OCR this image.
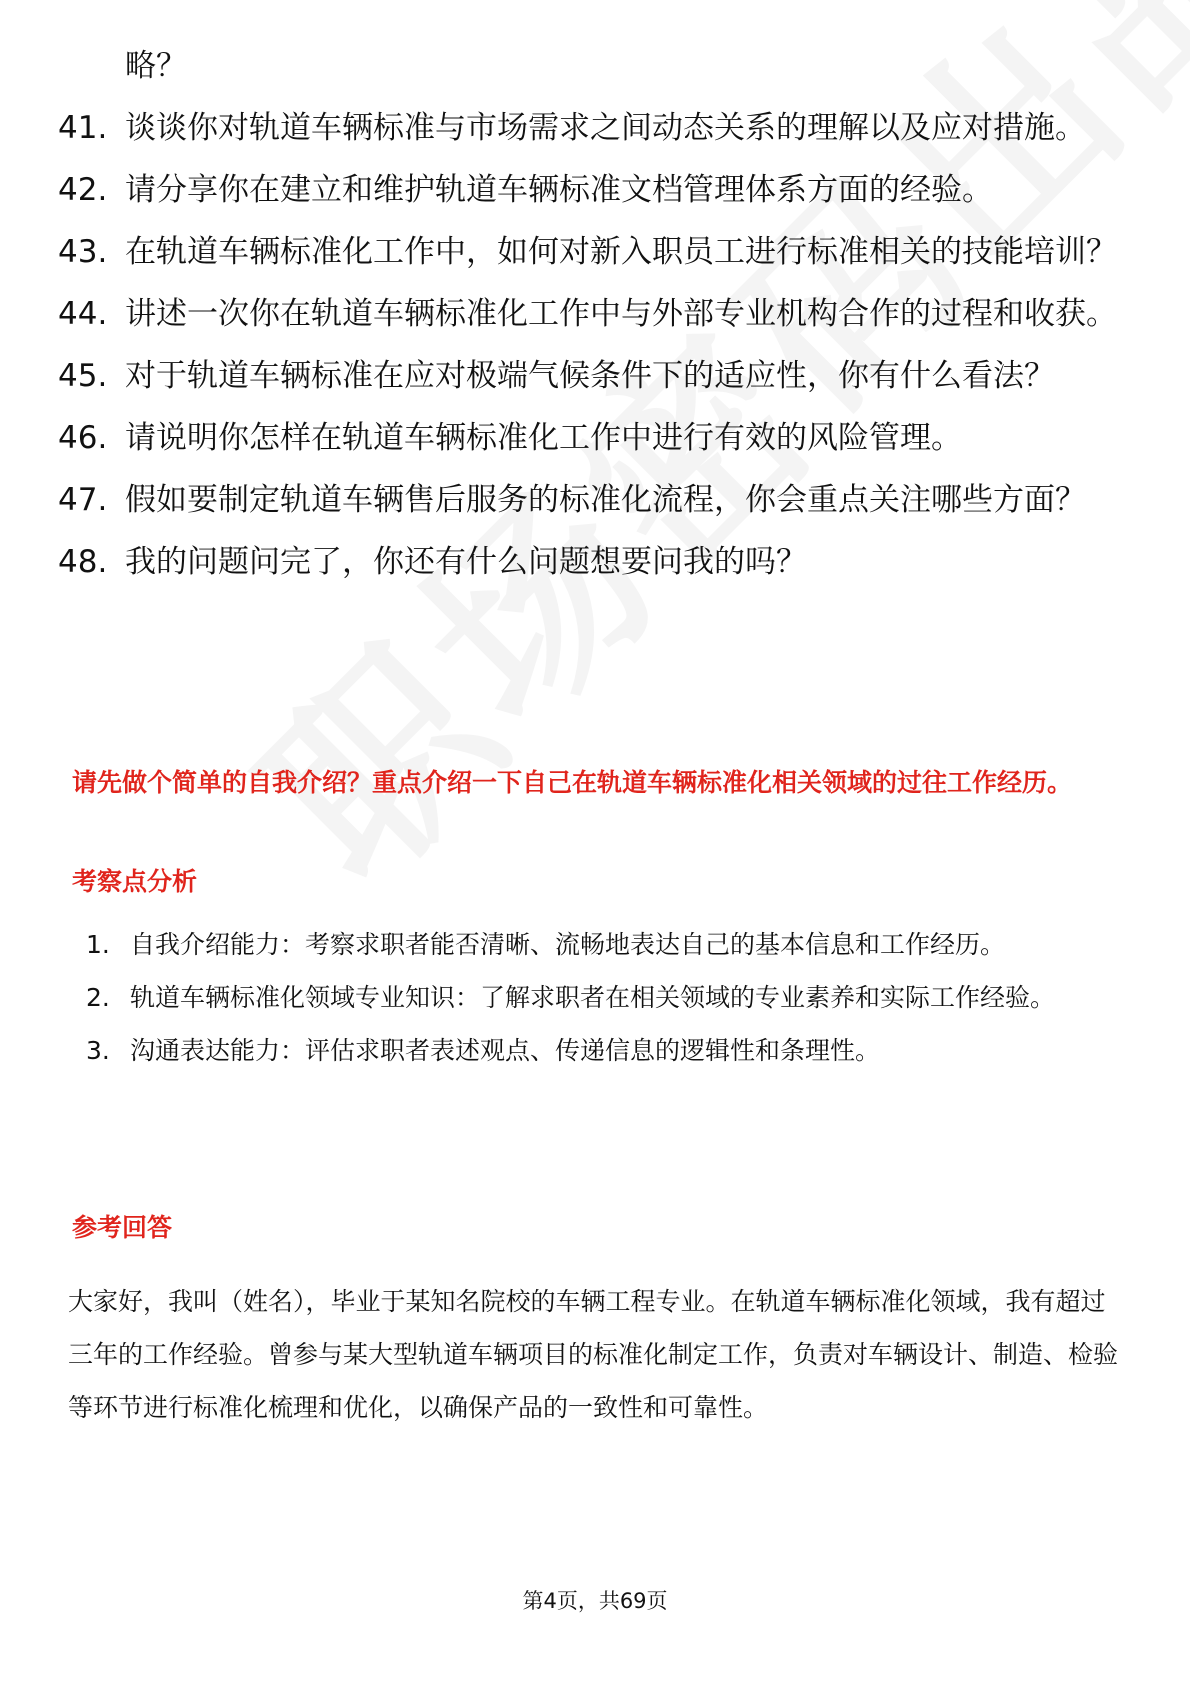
略？
41. 谈谈你对轨道车辆标准与市场需求之间动态关系的理解以及应对措施。
42. 请分享你在建立和维护轨道车辆标准文档管理体系方面的经验。
43. 在轨道车辆标准化工作中，如何对新入职员工进行标准相关的技能培训？
44. 讲述一次你在轨道车辆标准化工作中与外部专业机构合作的过程和收获。
45. 对于轨道车辆标准在应对极端气候条件下的适应性，你有什么看法？
46. 请说明你怎样在轨道车辆标准化工作中进行有效的风险管理。
47. 假如要制定轨道车辆售后服务的标准化流程，你会重点关注哪些方面？
48. 我的问题问完了，你还有什么问题想要问我的吗？

请先做个简单的自我介绍？重点介绍一下自己在轨道车辆标准化相关领域的过往工作经历。

考察点分析

1. 自我介绍能力：考察求职者能否清晰、流畅地表达自己的基本信息和工作经历。
2. 轨道车辆标准化领域专业知识：了解求职者在相关领域的专业素养和实际工作经验。
3. 沟通表达能力：评估求职者表述观点、传递信息的逻辑性和条理性。

参考回答

大家好，我叫（姓名），毕业于某知名院校的车辆工程专业。在轨道车辆标准化领域，我有超过三年的工作经验。曾参与某大型轨道车辆项目的标准化制定工作，负责对车辆设计、制造、检验等环节进行标准化梳理和优化，以确保产品的一致性和可靠性。
第4页，共69页
